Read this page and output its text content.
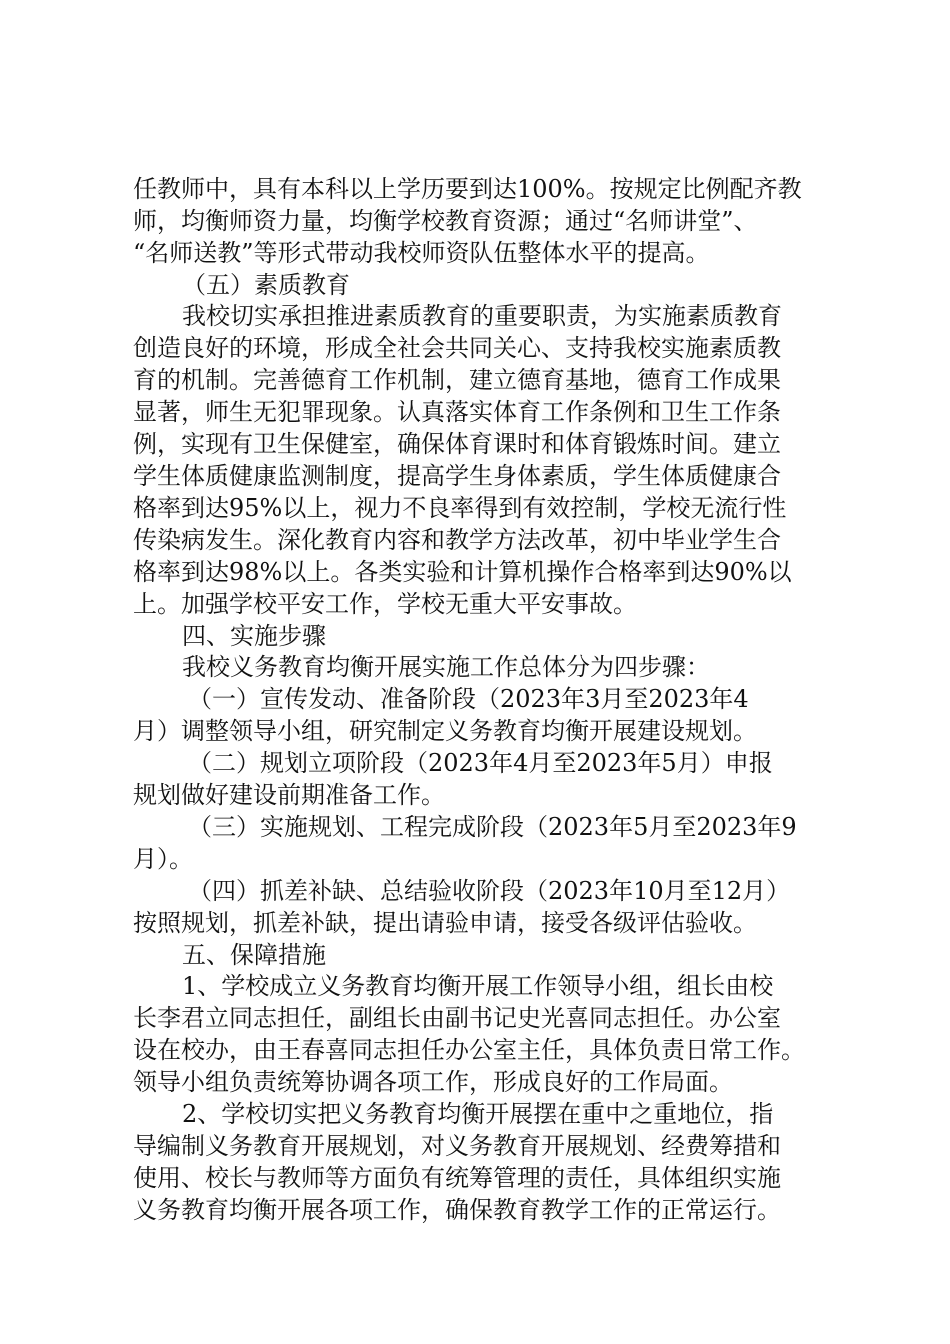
任教师中，具有本科以上学历要到达100%。按规定比例配齐教
师，均衡师资力量，均衡学校教育资源；通过“名师讲堂”、
“名师送教”等形式带动我校师资队伍整体水平的提高。
（五）素质教育
我校切实承担推进素质教育的重要职责，为实施素质教育
创造良好的环境，形成全社会共同关心、支持我校实施素质教
育的机制。完善德育工作机制，建立德育基地，德育工作成果
显著，师生无犯罪现象。认真落实体育工作条例和卫生工作条
例，实现有卫生保健室，确保体育课时和体育锻炼时间。建立
学生体质健康监测制度，提高学生身体素质，学生体质健康合
格率到达95%以上，视力不良率得到有效控制，学校无流行性
传染病发生。深化教育内容和教学方法改革，初中毕业学生合
格率到达98%以上。各类实验和计算机操作合格率到达90%以
上。加强学校平安工作，学校无重大平安事故。
四、实施步骤
我校义务教育均衡开展实施工作总体分为四步骤：
（一）宣传发动、准备阶段（2023年3月至2023年4
月）调整领导小组，研究制定义务教育均衡开展建设规划。
（二）规划立项阶段（2023年4月至2023年5月）申报
规划做好建设前期准备工作。
（三）实施规划、工程完成阶段（2023年5月至2023年9
月）。
（四）抓差补缺、总结验收阶段（2023年10月至12月）
按照规划，抓差补缺，提出请验申请，接受各级评估验收。
五、保障措施
1、学校成立义务教育均衡开展工作领导小组，组长由校
长李君立同志担任，副组长由副书记史光喜同志担任。办公室
设在校办，由王春喜同志担任办公室主任，具体负责日常工作。
领导小组负责统筹协调各项工作，形成良好的工作局面。
2、学校切实把义务教育均衡开展摆在重中之重地位，指
导编制义务教育开展规划，对义务教育开展规划、经费筹措和
使用、校长与教师等方面负有统筹管理的责任，具体组织实施
义务教育均衡开展各项工作，确保教育教学工作的正常运行。
